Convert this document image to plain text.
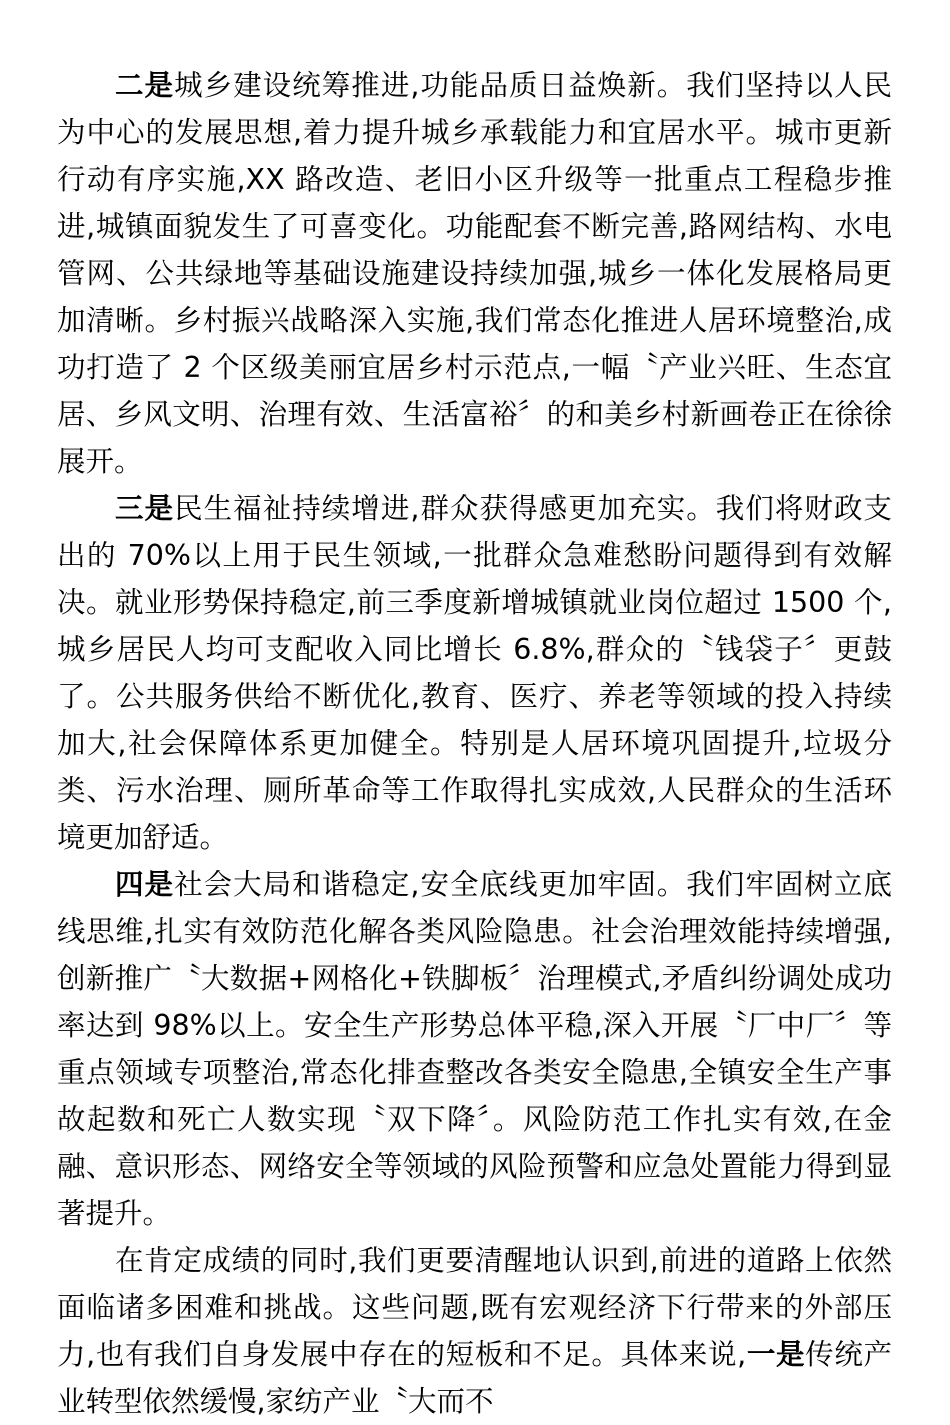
二是城乡建设统筹推进,功能品质日益焕新。我们坚持以人民为中心的发展思想,着力提升城乡承载能力和宜居水平。城市更新行动有序实施,XX 路改造、老旧小区升级等一批重点工程稳步推进,城镇面貌发生了可喜变化。功能配套不断完善,路网结构、水电管网、公共绿地等基础设施建设持续加强,城乡一体化发展格局更加清晰。乡村振兴战略深入实施,我们常态化推进人居环境整治,成功打造了 2 个区级美丽宜居乡村示范点,一幅〝产业兴旺、生态宜居、乡风文明、治理有效、生活富裕〞的和美乡村新画卷正在徐徐展开。

三是民生福祉持续增进,群众获得感更加充实。我们将财政支出的 70%以上用于民生领域,一批群众急难愁盼问题得到有效解决。就业形势保持稳定,前三季度新增城镇就业岗位超过 1500 个,城乡居民人均可支配收入同比增长 6.8%,群众的〝钱袋子〞更鼓了。公共服务供给不断优化,教育、医疗、养老等领域的投入持续加大,社会保障体系更加健全。特别是人居环境巩固提升,垃圾分类、污水治理、厕所革命等工作取得扎实成效,人民群众的生活环境更加舒适。

四是社会大局和谐稳定,安全底线更加牢固。我们牢固树立底线思维,扎实有效防范化解各类风险隐患。社会治理效能持续增强,创新推广〝大数据+网格化+铁脚板〞治理模式,矛盾纠纷调处成功率达到 98%以上。安全生产形势总体平稳,深入开展〝厂中厂〞等重点领域专项整治,常态化排查整改各类安全隐患,全镇安全生产事故起数和死亡人数实现〝双下降〞。风险防范工作扎实有效,在金融、意识形态、网络安全等领域的风险预警和应急处置能力得到显著提升。

在肯定成绩的同时,我们更要清醒地认识到,前进的道路上依然面临诸多困难和挑战。这些问题,既有宏观经济下行带来的外部压力,也有我们自身发展中存在的短板和不足。具体来说,一是传统产业转型依然缓慢,家纺产业〝大而不
